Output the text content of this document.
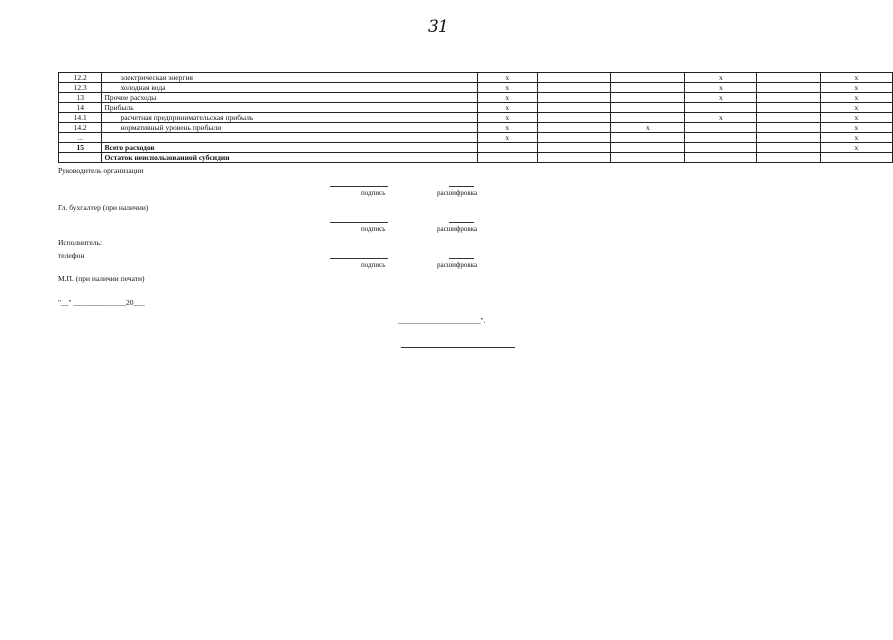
31
12.2	электрическая энергия	x			x		x
12.3	холодная вода	x			x		x
13	Прочие расходы	x			x		x
14	Прибыль	x					x
14.1	расчетная предпринимательская прибыль	x			x		x
14.2	нормативный уровень прибыли	x		x			x
...		x					x
15	Всего расходов						x
	Остаток неиспользованной субсидии						
Руководитель организации
подпись	расшифровка
Гл. бухгалтер (при наличии)
подпись	расшифровка
Исполнитель:
телефон
подпись	расшифровка
М.П. (при наличии печати)
"__" ______________20___
______________________".
